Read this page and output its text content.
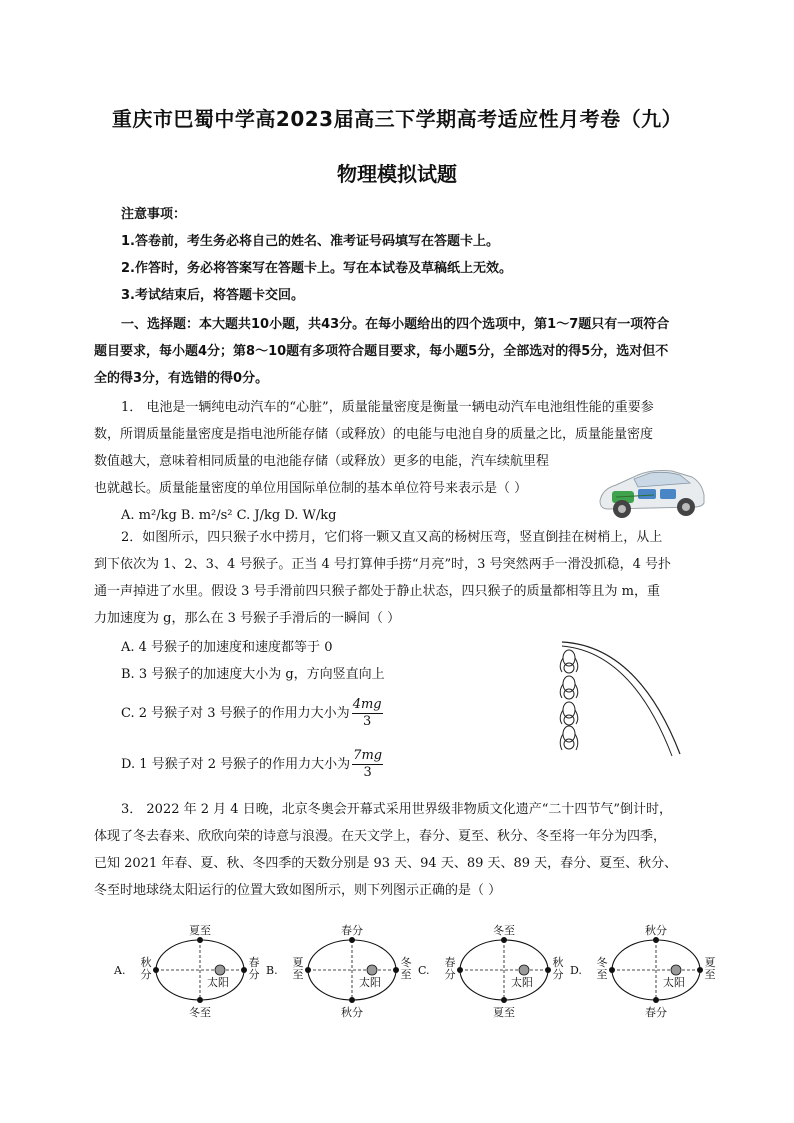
重庆市巴蜀中学高2023届高三下学期高考适应性月考卷（九）
物理模拟试题
注意事项：
1.答卷前，考生务必将自己的姓名、准考证号码填写在答题卡上。
2.作答时，务必将答案写在答题卡上。写在本试卷及草稿纸上无效。
3.考试结束后，将答题卡交回。
一、选择题：本大题共10小题，共43分。在每小题给出的四个选项中，第1～7题只有一项符合
题目要求，每小题4分；第8～10题有多项符合题目要求，每小题5分，全部选对的得5分，选对但不
全的得3分，有选错的得0分。
1． 电池是一辆纯电动汽车的“心脏”，质量能量密度是衡量一辆电动汽车电池组性能的重要参
数，所谓质量能量密度是指电池所能存储（或释放）的电能与电池自身的质量之比，质量能量密度
数值越大，意味着相同质量的电池能存储（或释放）更多的电能，汽车续航里程
也就越长。质量能量密度的单位用国际单位制的基本单位符号来表示是（ ）
A. m²/kg B. m²/s² C. J/kg D. W/kg
2．如图所示，四只猴子水中捞月，它们将一颗又直又高的杨树压弯，竖直倒挂在树梢上，从上
到下依次为 1、2、3、4 号猴子。正当 4 号打算伸手捞“月亮”时，3 号突然两手一滑没抓稳，4 号扑
通一声掉进了水里。假设 3 号手滑前四只猴子都处于静止状态，四只猴子的质量都相等且为 m，重
力加速度为 g，那么在 3 号猴子手滑后的一瞬间（ ）
A. 4 号猴子的加速度和速度都等于 0
B. 3 号猴子的加速度大小为 g，方向竖直向上
C. 2 号猴子对 3 号猴子的作用力大小为 $\frac{4mg}{3}$
D. 1 号猴子对 2 号猴子的作用力大小为 $\frac{7mg}{3}$
3． 2022 年 2 月 4 日晚，北京冬奥会开幕式采用世界级非物质文化遗产“二十四节气”倒计时，
体现了冬去春来、欣欣向荣的诗意与浪漫。在天文学上，春分、夏至、秋分、冬至将一年分为四季，
已知 2021 年春、夏、秋、冬四季的天数分别是 93 天、94 天、89 天、89 天，春分、夏至、秋分、
冬至时地球绕太阳运行的位置大致如图所示，则下列图示正确的是（ ）
A.
太阳
夏至
冬至
秋分
春分 B.
太阳
春分
秋分
夏至
冬至 C.
太阳
冬至
夏至
春分
秋分 D.
太阳
秋分
春分
冬至
夏至
